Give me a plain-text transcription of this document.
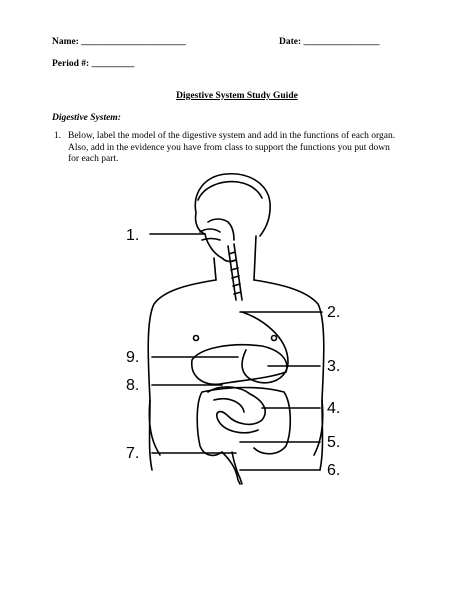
Name: ______________________	Date: ________________
Period #: _________
Digestive System Study Guide
Digestive System:
1. Below, label the model of the digestive system and add in the functions of each organ. Also, add in the evidence you have from class to support the functions you put down for each part.
1.
2.
3.
4.
5.
6.
7.
8.
9.
